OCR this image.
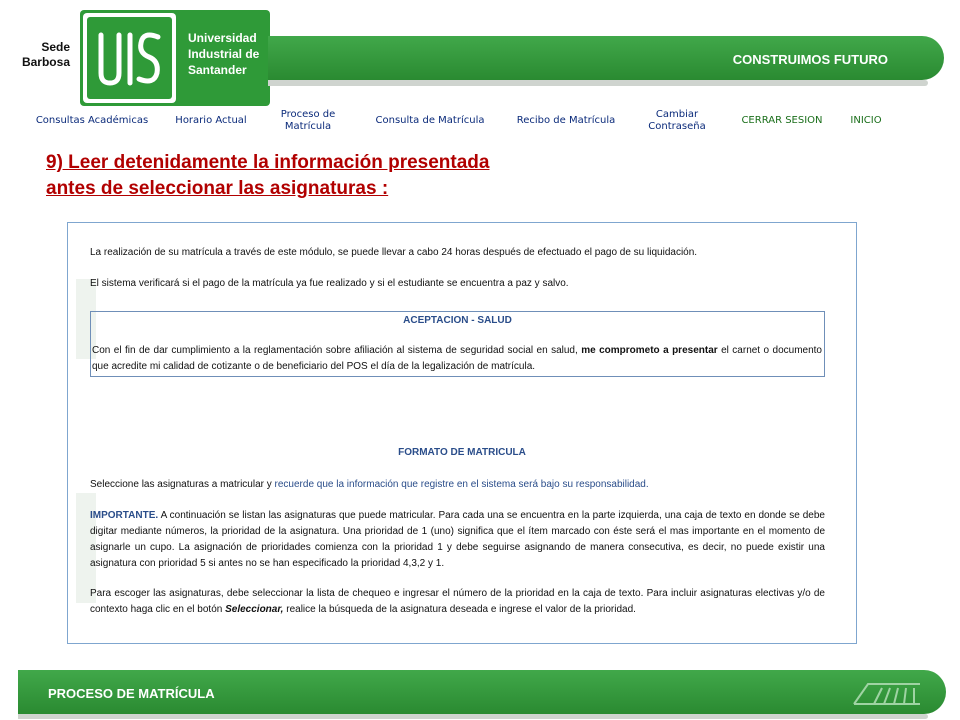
Sede
Barbosa
Universidad
Industrial de
Santander
CONSTRUIMOS FUTURO
Consultas Académicas	Horario Actual
Proceso de
Matrícula
Consulta de Matrícula	Recibo de Matrícula
Cambiar
Contraseña
CERRAR SESION	INICIO
9) Leer detenidamente la información presentada
antes de seleccionar las asignaturas :
La realización de su matrícula a través de este módulo, se puede llevar a cabo 24 horas después de efectuado el pago de su liquidación.
El sistema verificará si el pago de la matrícula ya fue realizado y si el estudiante se encuentra a paz y salvo.
ACEPTACION - SALUD
Con el fin de dar cumplimiento a la reglamentación sobre afiliación al sistema de seguridad social en salud, me comprometo a presentar el carnet o documento que acredite mi calidad de cotizante o de beneficiario del POS el día de la legalización de matrícula.
FORMATO DE MATRICULA
Seleccione las asignaturas a matricular y recuerde que la información que registre en el sistema será bajo su responsabilidad.
IMPORTANTE. A continuación se listan las asignaturas que puede matricular. Para cada una se encuentra en la parte izquierda, una caja de texto en donde se debe digitar mediante números, la prioridad de la asignatura. Una prioridad de 1 (uno) significa que el ítem marcado con éste será el mas importante en el momento de asignarle un cupo. La asignación de prioridades comienza con la prioridad 1 y debe seguirse asignando de manera consecutiva, es decir, no puede existir una asignatura con prioridad 5 si antes no se han especificado la prioridad 4,3,2 y 1.
Para escoger las asignaturas, debe seleccionar la lista de chequeo e ingresar el número de la prioridad en la caja de texto. Para incluir asignaturas electivas y/o de contexto haga clic en el botón Seleccionar, realice la búsqueda de la asignatura deseada e ingrese el valor de la prioridad.
PROCESO DE MATRÍCULA
